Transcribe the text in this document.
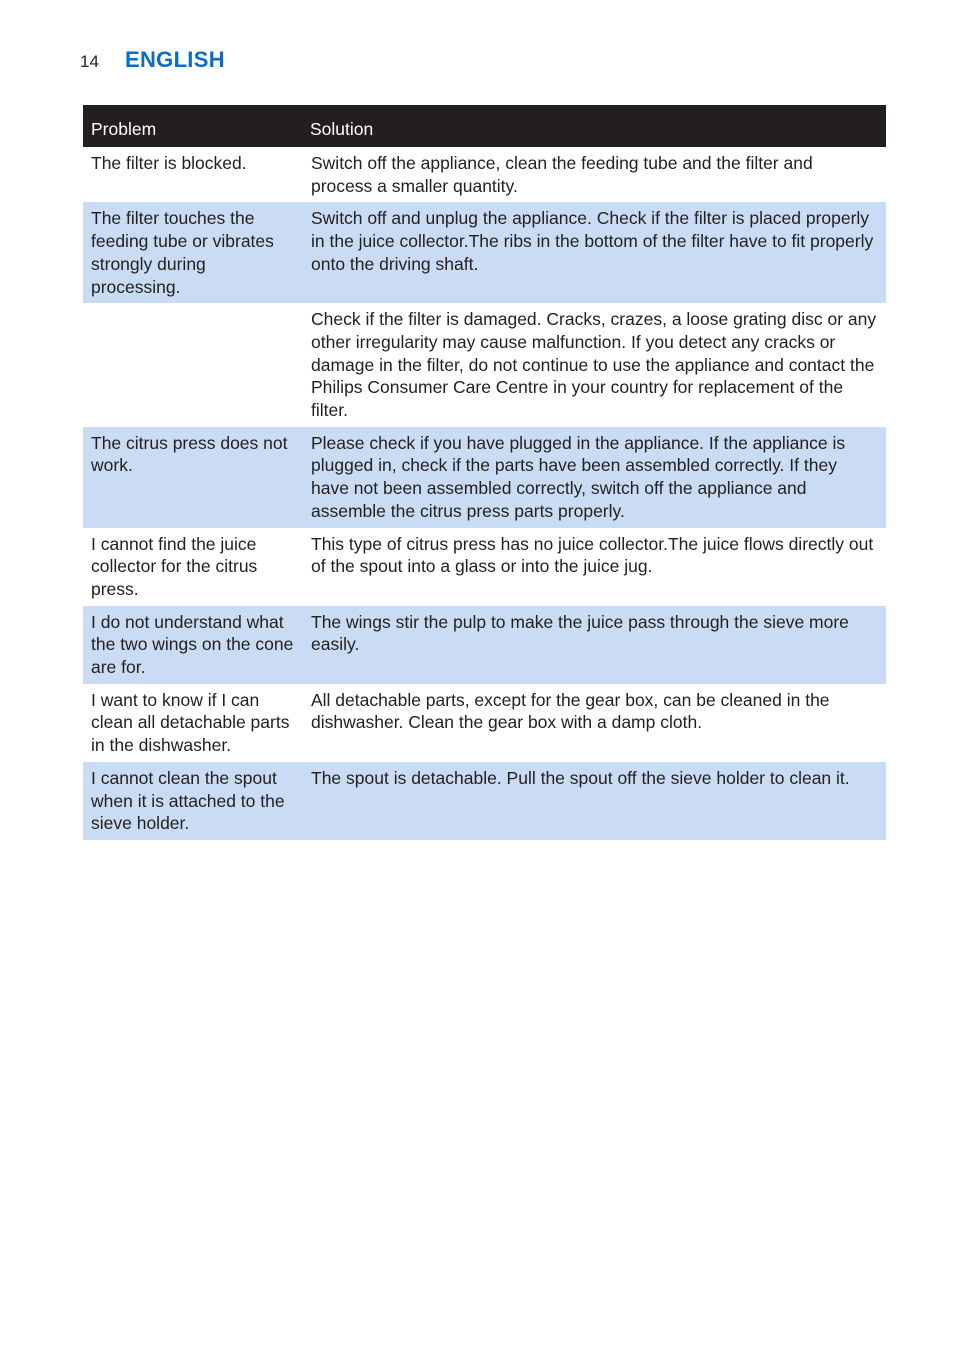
14	ENGLISH
Problem	Solution
The filter is blocked.	Switch off the appliance, clean the feeding tube and the filter and process a smaller quantity.
The filter touches the feeding tube or vibrates strongly during processing.	Switch off and unplug the appliance. Check if the filter is placed properly in the juice collector.The ribs in the bottom of the filter have to fit properly onto the driving shaft.
	Check if the filter is damaged. Cracks, crazes, a loose grating disc or any other irregularity may cause malfunction. If you detect any cracks or damage in the filter, do not continue to use the appliance and contact the Philips Consumer Care Centre in your country for replacement of the filter.
The citrus press does not work.	Please check if you have plugged in the appliance. If the appliance is plugged in, check if the parts have been assembled correctly. If they have not been assembled correctly, switch off the appliance and assemble the citrus press parts properly.
I cannot find the juice collector for the citrus press.	This type of citrus press has no juice collector.The juice flows directly out of the spout into a glass or into the juice jug.
I do not understand what the two wings on the cone are for.	The wings stir the pulp to make the juice pass through the sieve more easily.
I want to know if I can clean all detachable parts in the dishwasher.	All detachable parts, except for the gear box, can be cleaned in the dishwasher. Clean the gear box with a damp cloth.
I cannot clean the spout when it is attached to the sieve holder.	The spout is detachable. Pull the spout off the sieve holder to clean it.
